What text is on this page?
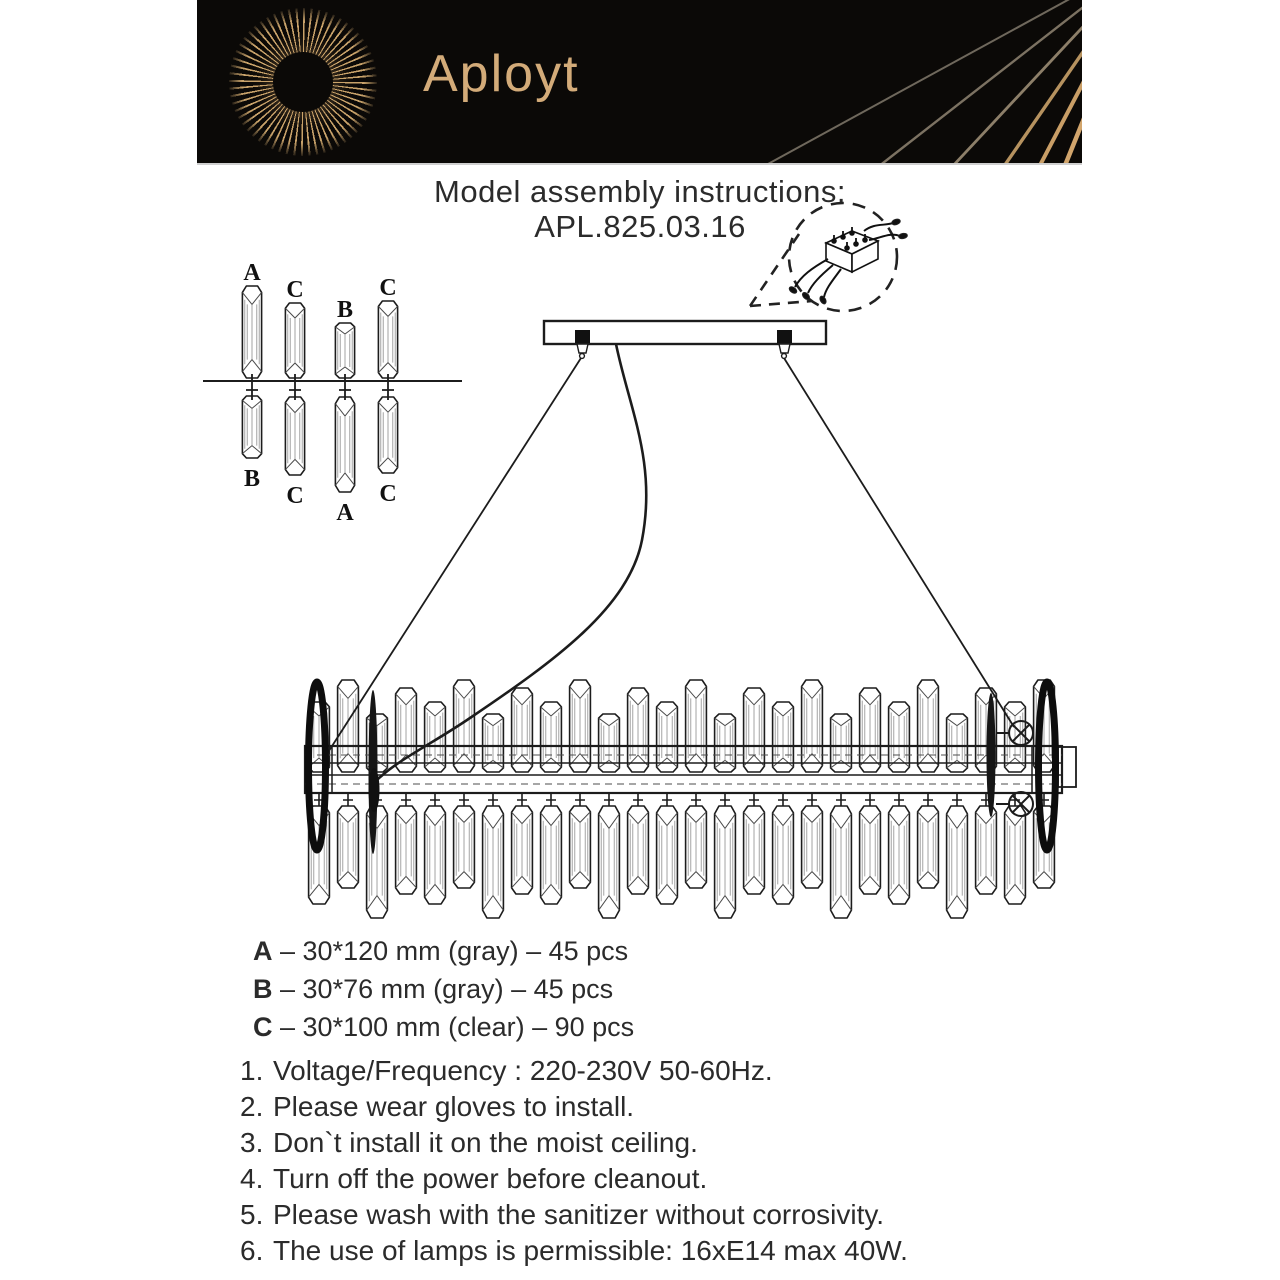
Aployt
Model assembly instructions:
APL.825.03.16
A
B
C
C
B
A
C
C
A – 30*120 mm (gray) – 45 pcs
B – 30*76 mm (gray) – 45 pcs
C – 30*100 mm (clear) – 90 pcs
1. Voltage/Frequency : 220-230V 50-60Hz.
2. Please wear gloves to install.
3. Don`t install it on the moist ceiling.
4. Turn off the power before cleanout.
5. Please wash with the sanitizer without corrosivity.
6. The use of lamps is permissible: 16xE14 max 40W.
